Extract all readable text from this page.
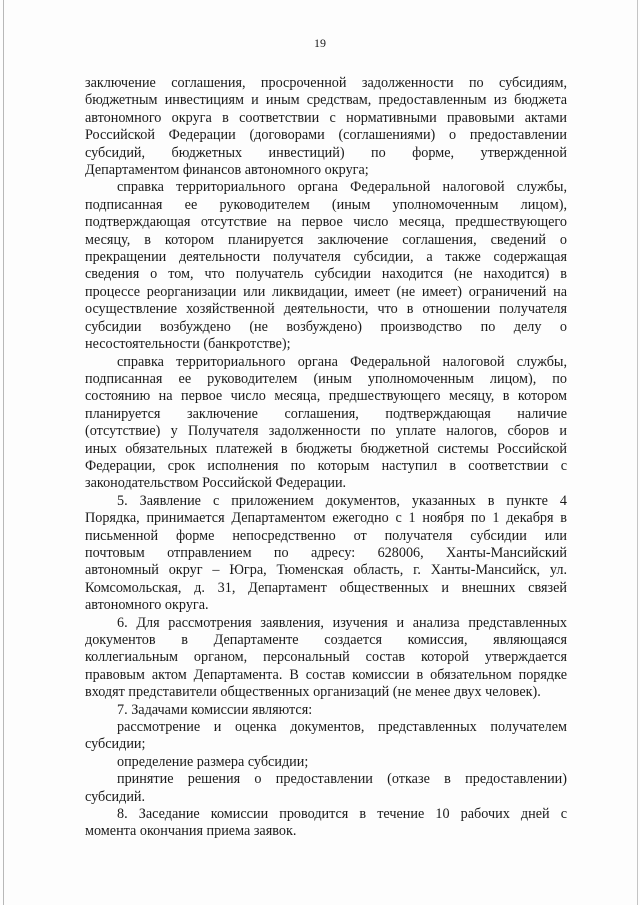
19
заключение соглашения, просроченной задолженности по субсидиям,
бюджетным инвестициям и иным средствам, предоставленным из бюджета
автономного округа в соответствии с нормативными правовыми актами
Российской Федерации (договорами (соглашениями) о предоставлении
субсидий, бюджетных инвестиций) по форме, утвержденной
Департаментом финансов автономного округа;
справка территориального органа Федеральной налоговой службы,
подписанная ее руководителем (иным уполномоченным лицом),
подтверждающая отсутствие на первое число месяца, предшествующего
месяцу, в котором планируется заключение соглашения, сведений о
прекращении деятельности получателя субсидии, а также содержащая
сведения о том, что получатель субсидии находится (не находится) в
процессе реорганизации или ликвидации, имеет (не имеет) ограничений на
осуществление хозяйственной деятельности, что в отношении получателя
субсидии возбуждено (не возбуждено) производство по делу о
несостоятельности (банкротстве);
справка территориального органа Федеральной налоговой службы,
подписанная ее руководителем (иным уполномоченным лицом), по
состоянию на первое число месяца, предшествующего месяцу, в котором
планируется заключение соглашения, подтверждающая наличие
(отсутствие) у Получателя задолженности по уплате налогов, сборов и
иных обязательных платежей в бюджеты бюджетной системы Российской
Федерации, срок исполнения по которым наступил в соответствии с
законодательством Российской Федерации.
5. Заявление с приложением документов, указанных в пункте 4
Порядка, принимается Департаментом ежегодно с 1 ноября по 1 декабря в
письменной форме непосредственно от получателя субсидии или
почтовым отправлением по адресу: 628006, Ханты-Мансийский
автономный округ – Югра, Тюменская область, г. Ханты-Мансийск, ул.
Комсомольская, д. 31, Департамент общественных и внешних связей
автономного округа.
6. Для рассмотрения заявления, изучения и анализа представленных
документов в Департаменте создается комиссия, являющаяся
коллегиальным органом, персональный состав которой утверждается
правовым актом Департамента. В состав комиссии в обязательном порядке
входят представители общественных организаций (не менее двух человек).
7. Задачами комиссии являются:
рассмотрение и оценка документов, представленных получателем
субсидии;
определение размера субсидии;
принятие решения о предоставлении (отказе в предоставлении)
субсидий.
8. Заседание комиссии проводится в течение 10 рабочих дней с
момента окончания приема заявок.
